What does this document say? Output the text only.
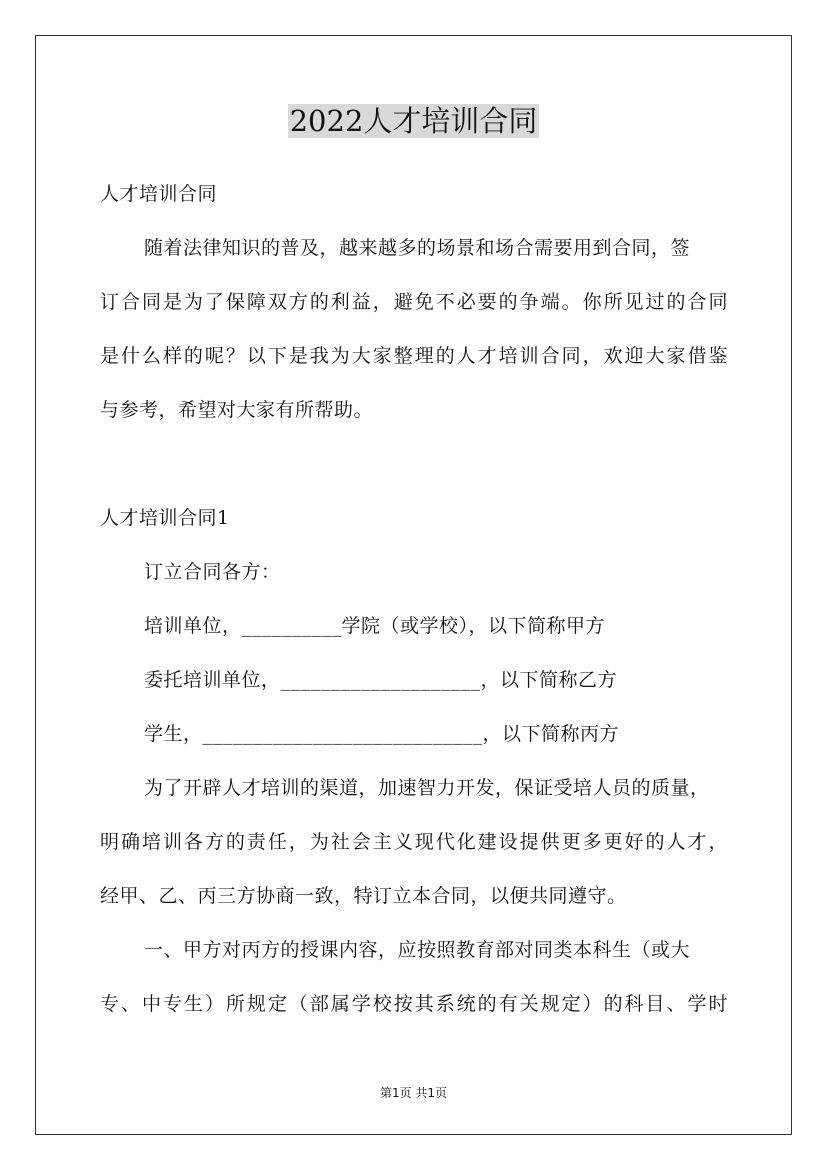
2022人才培训合同
人才培训合同
随着法律知识的普及，越来越多的场景和场合需要用到合同，签
订合同是为了保障双方的利益，避免不必要的争端。你所见过的合同
是什么样的呢？以下是我为大家整理的人才培训合同，欢迎大家借鉴
与参考，希望对大家有所帮助。
人才培训合同1
订立合同各方：
培训单位，__________学院（或学校），以下简称甲方
委托培训单位，____________________，以下简称乙方
学生，____________________________，以下简称丙方
为了开辟人才培训的渠道，加速智力开发，保证受培人员的质量，
明确培训各方的责任，为社会主义现代化建设提供更多更好的人才，
经甲、乙、丙三方协商一致，特订立本合同，以便共同遵守。
一、甲方对丙方的授课内容，应按照教育部对同类本科生（或大
专、中专生）所规定（部属学校按其系统的有关规定）的科目、学时
第1页 共1页
